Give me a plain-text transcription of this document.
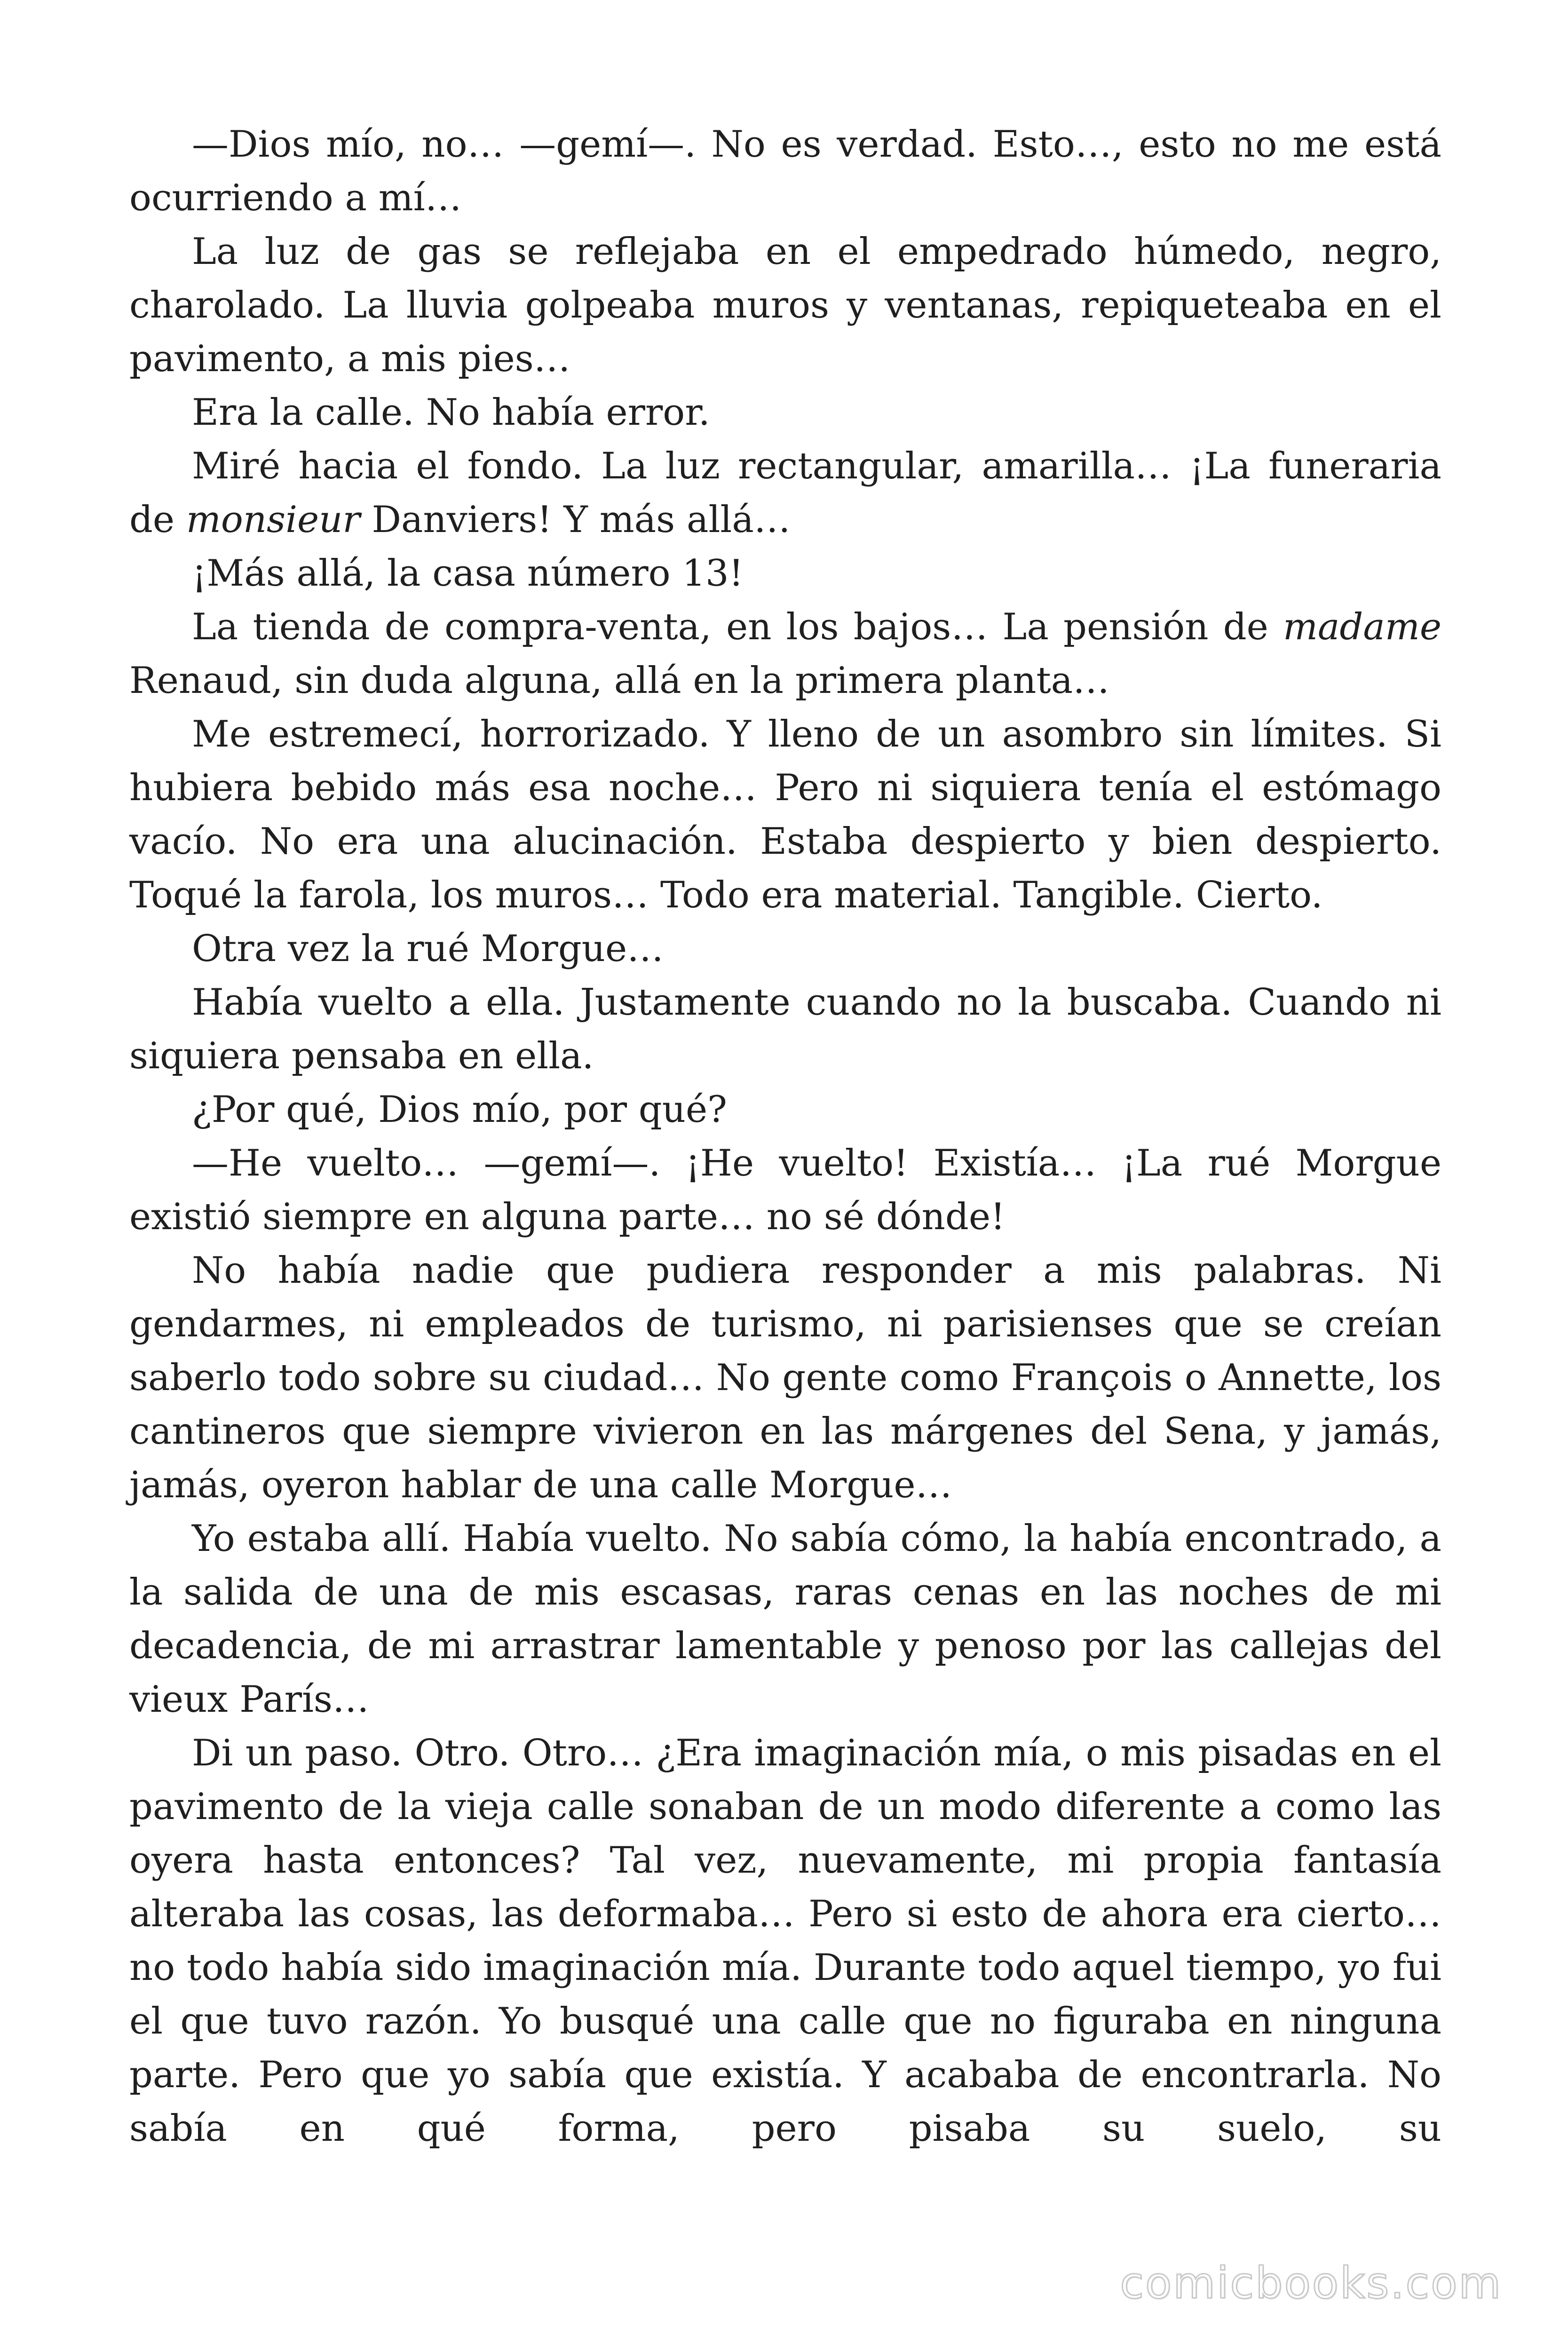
—Dios mío, no… —gemí—. No es verdad. Esto…, esto no me está ocurriendo a mí…

La luz de gas se reflejaba en el empedrado húmedo, negro, charolado. La lluvia golpeaba muros y ventanas, repiqueteaba en el pavimento, a mis pies…

Era la calle. No había error.

Miré hacia el fondo. La luz rectangular, amarilla… ¡La funeraria de monsieur Danviers! Y más allá…

¡Más allá, la casa número 13!

La tienda de compra-venta, en los bajos… La pensión de madame Renaud, sin duda alguna, allá en la primera planta…

Me estremecí, horrorizado. Y lleno de un asombro sin límites. Si hubiera bebido más esa noche… Pero ni siquiera tenía el estómago vacío. No era una alucinación. Estaba despierto y bien despierto. Toqué la farola, los muros… Todo era material. Tangible. Cierto.

Otra vez la rué Morgue…

Había vuelto a ella. Justamente cuando no la buscaba. Cuando ni siquiera pensaba en ella.

¿Por qué, Dios mío, por qué?

—He vuelto… —gemí—. ¡He vuelto! Existía… ¡La rué Morgue existió siempre en alguna parte… no sé dónde!

No había nadie que pudiera responder a mis palabras. Ni gendarmes, ni empleados de turismo, ni parisienses que se creían saberlo todo sobre su ciudad… No gente como François o Annette, los cantineros que siempre vivieron en las márgenes del Sena, y jamás, jamás, oyeron hablar de una calle Morgue…

Yo estaba allí. Había vuelto. No sabía cómo, la había encontrado, a la salida de una de mis escasas, raras cenas en las noches de mi decadencia, de mi arrastrar lamentable y penoso por las callejas del vieux París…

Di un paso. Otro. Otro… ¿Era imaginación mía, o mis pisadas en el pavimento de la vieja calle sonaban de un modo diferente a como las oyera hasta entonces? Tal vez, nuevamente, mi propia fantasía alteraba las cosas, las deformaba… Pero si esto de ahora era cierto… no todo había sido imaginación mía. Durante todo aquel tiempo, yo fui el que tuvo razón. Yo busqué una calle que no figuraba en ninguna parte. Pero que yo sabía que existía. Y acababa de encontrarla. No sabía en qué forma, pero pisaba su suelo, su

comicbooks.com
